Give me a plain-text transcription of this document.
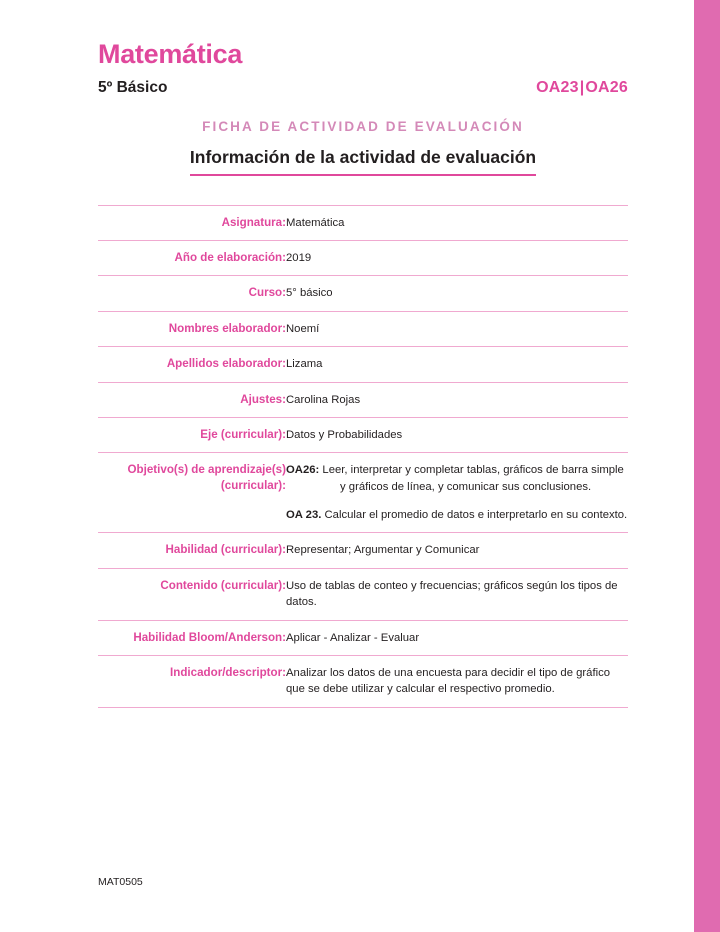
Matemática
5º Básico	OA23|OA26
FICHA DE ACTIVIDAD DE EVALUACIÓN
Información de la actividad de evaluación
Asignatura:	Matemática
Año de elaboración:	2019
Curso:	5° básico
Nombres elaborador:	Noemí
Apellidos elaborador:	Lizama
Ajustes:	Carolina Rojas
Eje (curricular):	Datos y Probabilidades
Objetivo(s) de aprendizaje(s) (curricular):	OA26: Leer, interpretar y completar tablas, gráficos de barra simple y gráficos de línea, y comunicar sus conclusiones.
OA 23. Calcular el promedio de datos e interpretarlo en su contexto.

Habilidad (curricular):	Representar; Argumentar y Comunicar
Contenido (curricular):	Uso de tablas de conteo y frecuencias; gráficos según los tipos de datos.
Habilidad Bloom/Anderson:	Aplicar - Analizar - Evaluar
Indicador/descriptor:	Analizar los datos de una encuesta para decidir el tipo de gráfico que se debe utilizar y calcular el respectivo promedio.
MAT0505
